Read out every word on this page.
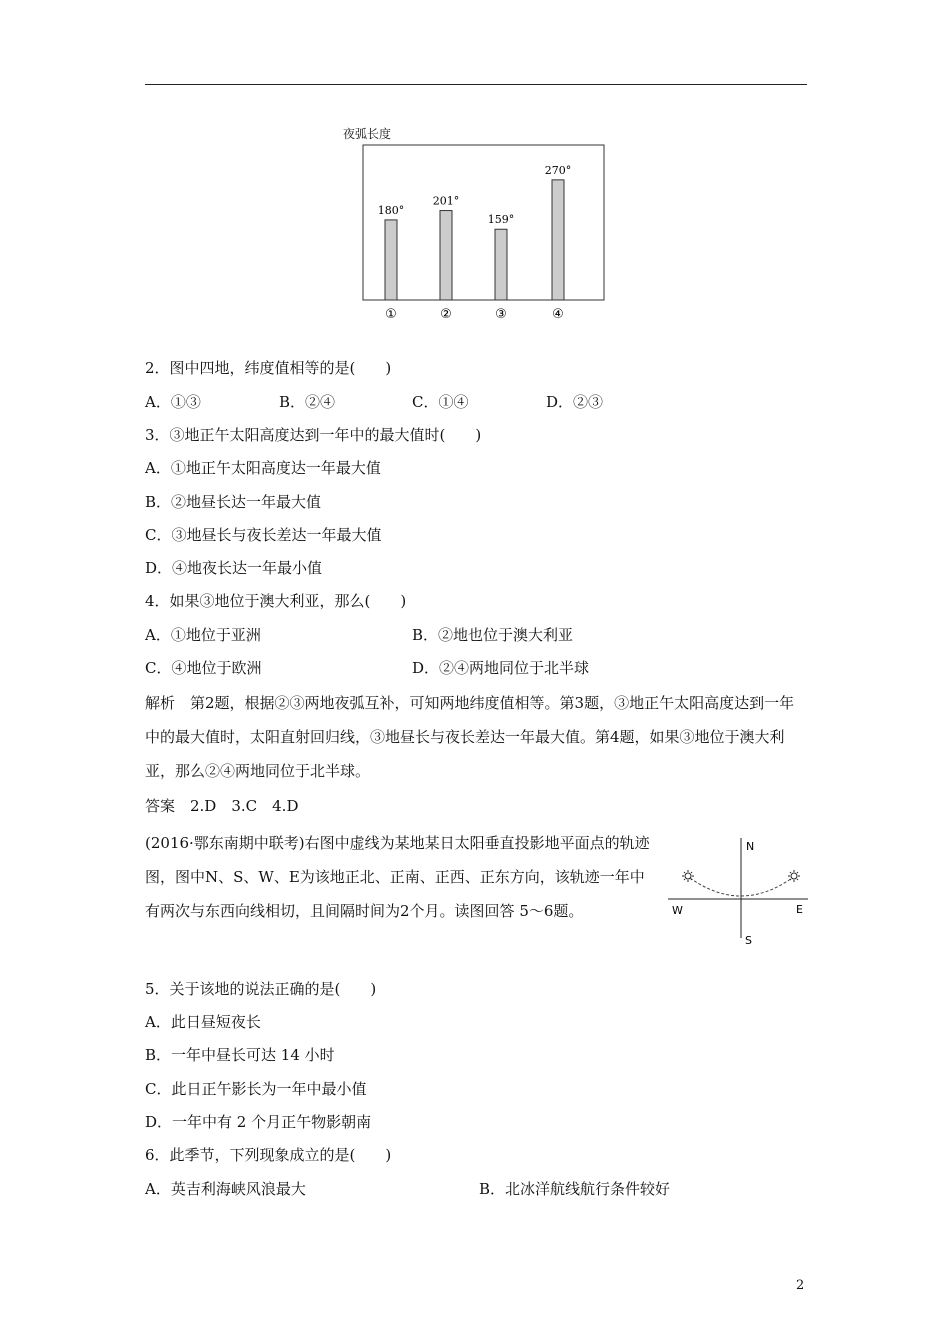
夜弧长度
180°
①
201°
②
159°
③
270°
④
2．图中四地，纬度值相等的是(　　)
A．①③	B．②④	C．①④	D．②③
3．③地正午太阳高度达到一年中的最大值时(　　)
A．①地正午太阳高度达一年最大值
B．②地昼长达一年最大值
C．③地昼长与夜长差达一年最大值
D．④地夜长达一年最小值
4．如果③地位于澳大利亚，那么(　　)
A．①地位于亚洲	B．②地也位于澳大利亚
C．④地位于欧洲	D．②④两地同位于北半球
解析　第2题，根据②③两地夜弧互补，可知两地纬度值相等。第3题，③地正午太阳高度达到一年中的最大值时，太阳直射回归线，③地昼长与夜长差达一年最大值。第4题，如果③地位于澳大利亚，那么②④两地同位于北半球。
答案　2.D　3.C　4.D
(2016·鄂东南期中联考)右图中虚线为某地某日太阳垂直投影地平面点的轨迹图，图中N、S、W、E为该地正北、正南、正西、正东方向，该轨迹一年中有两次与东西向线相切，且间隔时间为2个月。读图回答 5～6题。
N
S
W	E
5．关于该地的说法正确的是(　　)
A．此日昼短夜长
B．一年中昼长可达 14 小时
C．此日正午影长为一年中最小值
D．一年中有 2 个月正午物影朝南
6．此季节，下列现象成立的是(　　)
A．英吉利海峡风浪最大	B．北冰洋航线航行条件较好
2
